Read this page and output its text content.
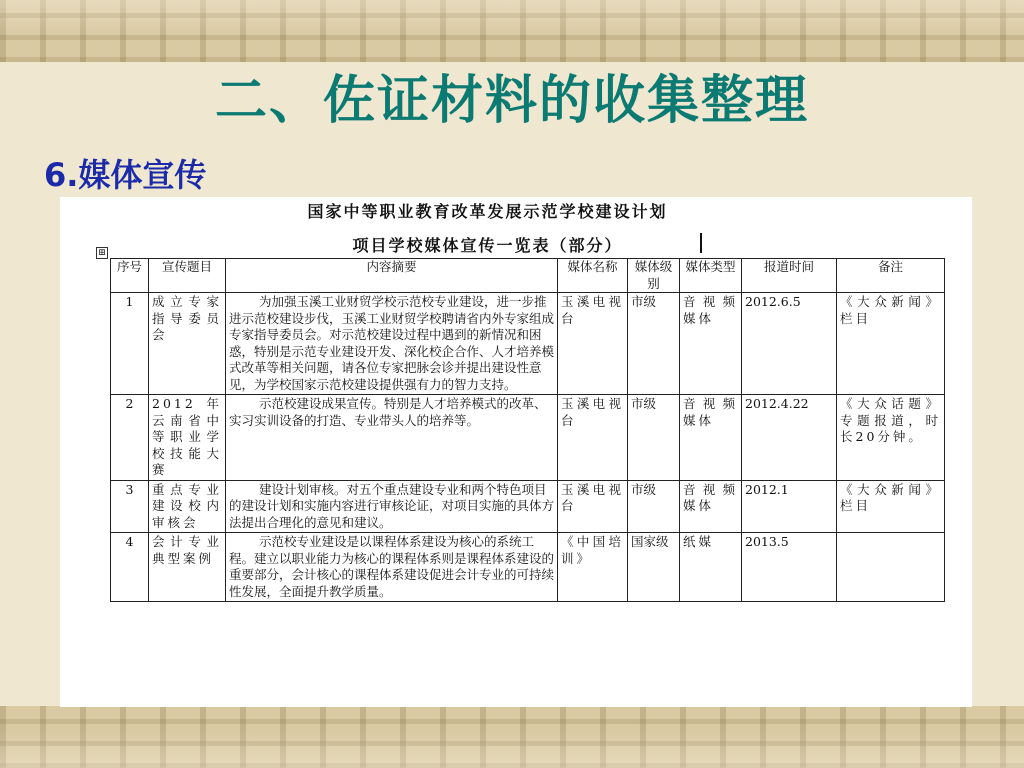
二、佐证材料的收集整理
6.媒体宣传

国家中等职业教育改革发展示范学校建设计划

项目学校媒体宣传一览表（部分）

⊞
序号	宣传题目	内容摘要	媒体名称	媒体级别	媒体类型	报道时间	备注
1	成立专家指导委员会	为加强玉溪工业财贸学校示范校专业建设，进一步推进示范校建设步伐，玉溪工业财贸学校聘请省内外专家组成专家指导委员会。对示范校建设过程中遇到的新情况和困惑，特别是示范专业建设开发、深化校企合作、人才培养模式改革等相关问题，请各位专家把脉会诊并提出建设性意见，为学校国家示范校建设提供强有力的智力支持。	玉溪电视台	市级	音视频媒体	2012.6.5	《大众新闻》栏目
2	2012年云南省中等职业学校技能大赛	示范校建设成果宣传。特别是人才培养模式的改革、实习实训设备的打造、专业带头人的培养等。	玉溪电视台	市级	音视频媒体	2012.4.22	《大众话题》专题报道，时长20分钟。
3	重点专业建设校内审核会	建设计划审核。对五个重点建设专业和两个特色项目的建设计划和实施内容进行审核论证，对项目实施的具体方法提出合理化的意见和建议。	玉溪电视台	市级	音视频媒体	2012.1	《大众新闻》栏目
4	会计专业典型案例	示范校专业建设是以课程体系建设为核心的系统工程。建立以职业能力为核心的课程体系则是课程体系建设的重要部分，会计核心的课程体系建设促进会计专业的可持续性发展，全面提升教学质量。	《中国培训》	国家级	纸媒	2013.5	
